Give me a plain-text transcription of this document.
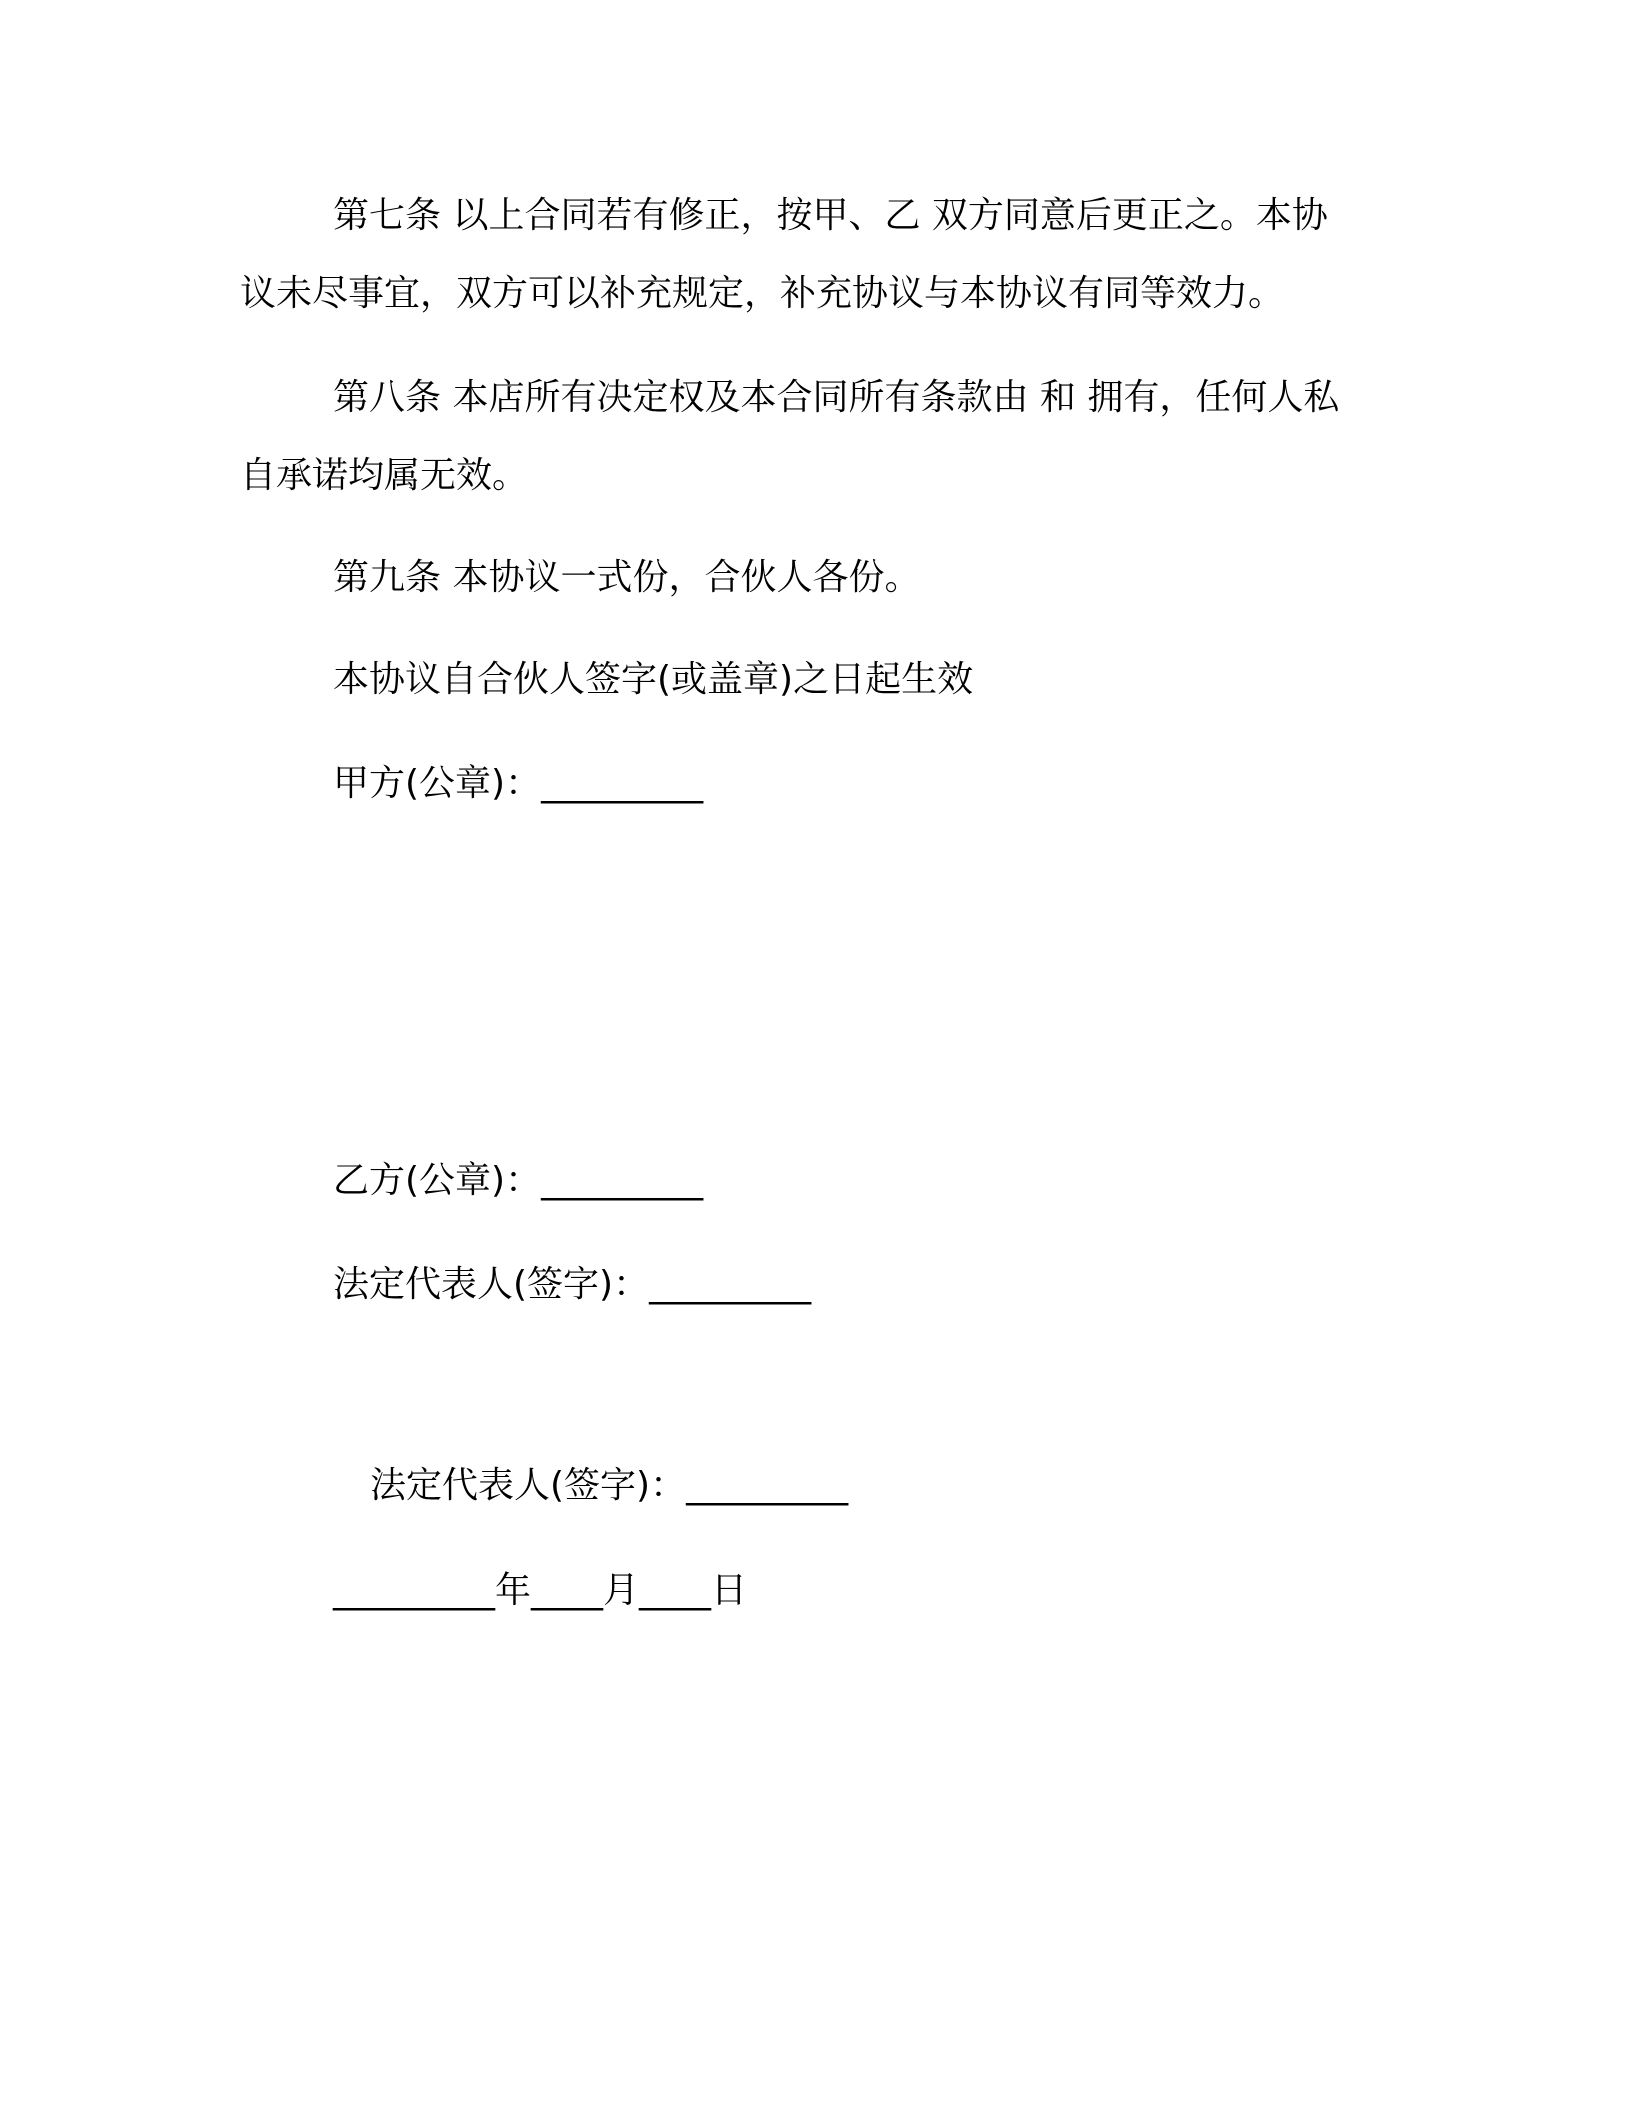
第七条 以上合同若有修正，按甲、乙 双方同意后更正之。本协

议未尽事宜，双方可以补充规定，补充协议与本协议有同等效力。

第八条 本店所有决定权及本合同所有条款由 和 拥有，任何人私

自承诺均属无效。

第九条 本协议一式份，合伙人各份。

本协议自合伙人签字(或盖章)之日起生效

甲方(公章)：_________

乙方(公章)：_________

法定代表人(签字)：_________

法定代表人(签字)：_________

_________年____月____日
